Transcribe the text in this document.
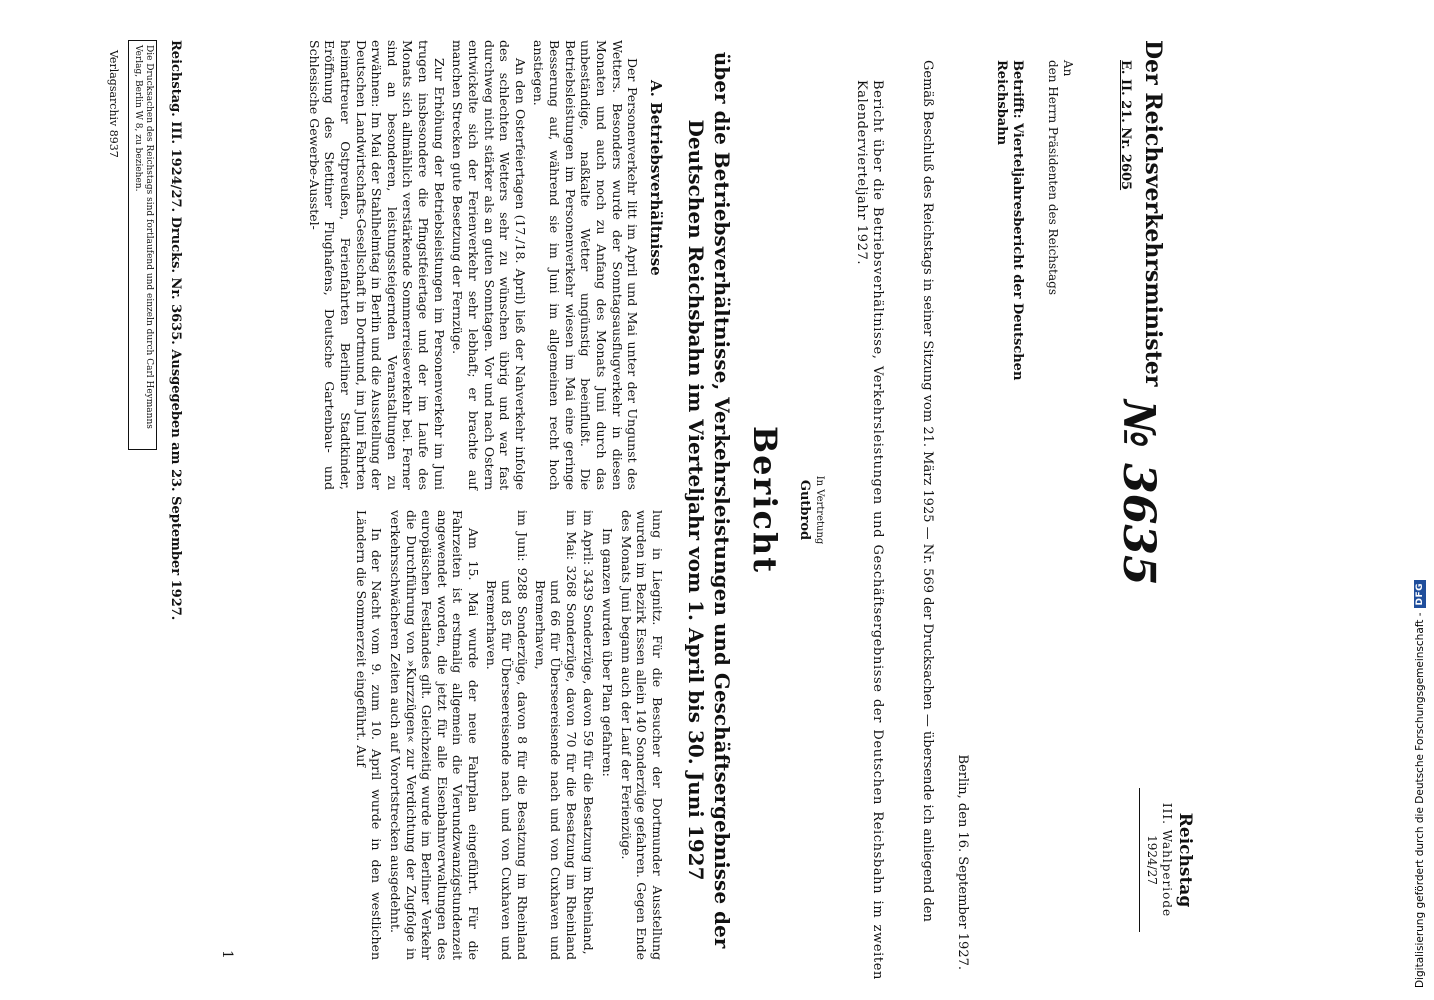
Der Reichsverkehrsminister
E. II. 21. Nr. 2605
№ 3635
Reichstag
III. Wahlperiode
1924/27
An
den Herrn Präsidenten des Reichstags
Betrifft: Vierteljahresbericht der Deutschen Reichsbahn
Berlin, den 16. September 1927.
Gemäß Beschluß des Reichstags in seiner Sitzung vom 21. März 1925 — Nr. 569 der Drucksachen — übersende ich anliegend den
Bericht über die Betriebsverhältnisse, Verkehrsleistungen und Geschäftsergebnisse der Deutschen Reichsbahn im zweiten Kalendervierteljahr 1927.
In Vertretung
Gutbrod
Bericht
über die Betriebsverhältnisse, Verkehrsleistungen und Geschäftsergebnisse der Deutschen Reichsbahn im Vierteljahr vom 1. April bis 30. Juni 1927
A. Betriebsverhältnisse

Der Personenverkehr litt im April und Mai unter der Ungunst des Wetters. Besonders wurde der Sonntagsausflugverkehr in diesen Monaten und auch noch zu Anfang des Monats Juni durch das unbeständige, naßkalte Wetter ungünstig beeinflußt. Die Betriebsleistungen im Personenverkehr wiesen im Mai eine geringe Besserung auf, während sie im Juni im allgemeinen recht hoch anstiegen.

An den Osterfeiertagen (17./18. April) ließ der Nahverkehr infolge des schlechten Wetters sehr zu wünschen übrig und war fast durchweg nicht stärker als an guten Sonntagen. Vor und nach Ostern entwickelte sich der Ferienverkehr sehr lebhaft; er brachte auf manchen Strecken gute Besetzung der Fernzüge.

Zur Erhöhung der Betriebsleistungen im Personenverkehr im Juni trugen insbesondere die Pfingstfeiertage und der im Laufe des Monats sich allmählich verstärkende Sommerreiseverkehr bei. Ferner sind an besonderen, leistungssteigernden Veranstaltungen zu erwähnen: Im Mai der Stahlhelmtag in Berlin und die Ausstellung der Deutschen Landwirtschafts-Gesellschaft in Dortmund, im Juni Fahrten heimattreuer Ostpreußen, Ferienfahrten Berliner Stadtkinder, Eröffnung des Stettiner Flughafens, Deutsche Gartenbau- und Schlesische Gewerbe-Ausstel-

lung in Liegnitz. Für die Besucher der Dortmunder Ausstellung wurden im Bezirk Essen allein 140 Sonderzüge gefahren. Gegen Ende des Monats Juni begann auch der Lauf der Ferienzüge.

Im ganzen wurden über Plan gefahren:

im April: 3439 Sonderzüge, davon 59 für die Besatzung im Rheinland,

im Mai: 3268 Sonderzüge, davon 70 für die Besatzung im Rheinland und 66 für Überseereisende nach und von Cuxhaven und Bremerhaven,

im Juni: 9288 Sonderzüge, davon 8 für die Besatzung im Rheinland und 85 für Überseereisende nach und von Cuxhaven und Bremerhaven.

Am 15. Mai wurde der neue Fahrplan eingeführt. Für die Fahrzeiten ist erstmalig allgemein die Vierundzwanzigstundenzeit angewendet worden, die jetzt für alle Eisenbahnverwaltungen des europäischen Festlandes gilt. Gleichzeitig wurde im Berliner Verkehr die Durchführung von »Kurzzügen« zur Verdichtung der Zugfolge in verkehrsschwächeren Zeiten auch auf Vorortstrecken ausgedehnt.

In der Nacht vom 9. zum 10. April wurde in den westlichen Ländern die Sommerzeit eingeführt. Auf

Reichstag. III. 1924/27. Drucks. Nr. 3635. Ausgegeben am 23. September 1927.
Die Drucksachen des Reichstags sind fortlaufend und einzeln durch Carl Heymanns Verlag, Berlin W 8, zu beziehen.
Verlagsarchiv 8937
1	Digitalisierung gefördert durch die Deutsche Forschungsgemeinschaft -
DFG
